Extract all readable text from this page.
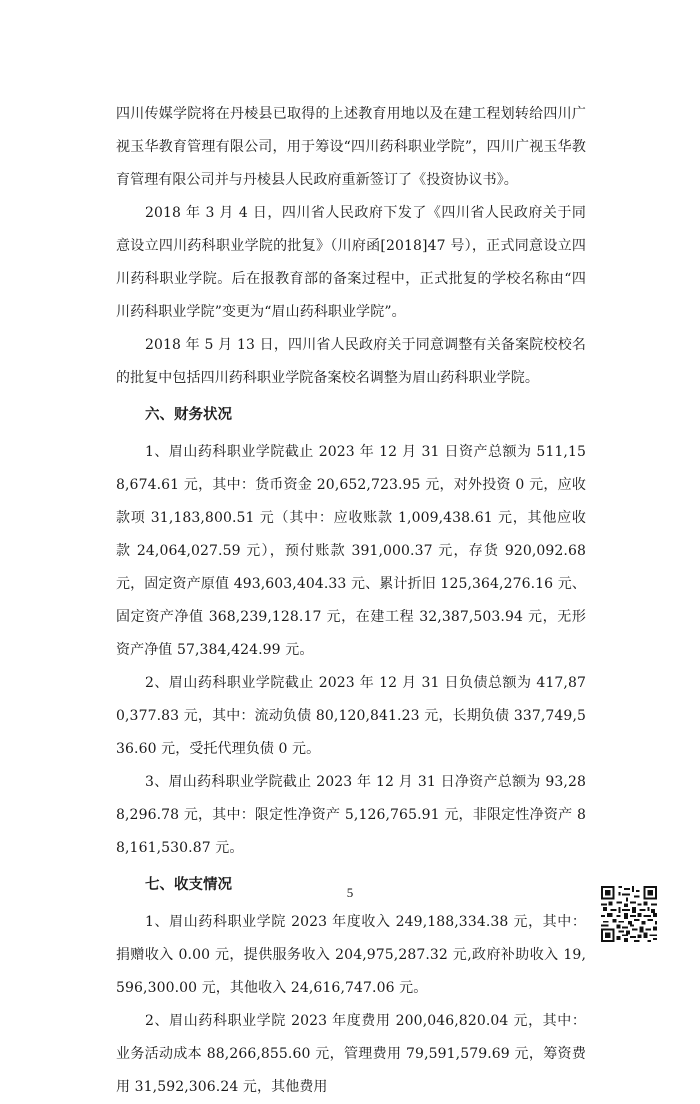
四川传媒学院将在丹棱县已取得的上述教育用地以及在建工程划转给四川广视玉华教育管理有限公司，用于筹设“四川药科职业学院”，四川广视玉华教育管理有限公司并与丹棱县人民政府重新签订了《投资协议书》。

2018 年 3 月 4 日，四川省人民政府下发了《四川省人民政府关于同意设立四川药科职业学院的批复》（川府函[2018]47 号），正式同意设立四川药科职业学院。后在报教育部的备案过程中，正式批复的学校名称由“四川药科职业学院”变更为“眉山药科职业学院”。

2018 年 5 月 13 日，四川省人民政府关于同意调整有关备案院校校名的批复中包括四川药科职业学院备案校名调整为眉山药科职业学院。

六、财务状况

1、眉山药科职业学院截止 2023 年 12 月 31 日资产总额为 511,158,674.61 元，其中：货币资金 20,652,723.95 元，对外投资 0 元，应收款项 31,183,800.51 元（其中：应收账款 1,009,438.61 元，其他应收款 24,064,027.59 元），预付账款 391,000.37 元，存货 920,092.68 元，固定资产原值 493,603,404.33 元、累计折旧 125,364,276.16 元、固定资产净值 368,239,128.17 元，在建工程 32,387,503.94 元，无形资产净值 57,384,424.99 元。

2、眉山药科职业学院截止 2023 年 12 月 31 日负债总额为 417,870,377.83 元，其中：流动负债 80,120,841.23 元，长期负债 337,749,536.60 元，受托代理负债 0 元。

3、眉山药科职业学院截止 2023 年 12 月 31 日净资产总额为 93,288,296.78 元，其中：限定性净资产 5,126,765.91 元，非限定性净资产 88,161,530.87 元。

七、收支情况

1、眉山药科职业学院 2023 年度收入 249,188,334.38 元，其中：捐赠收入 0.00 元，提供服务收入 204,975,287.32 元,政府补助收入 19,596,300.00 元，其他收入 24,616,747.06 元。

2、眉山药科职业学院 2023 年度费用 200,046,820.04 元，其中：业务活动成本 88,266,855.60 元，管理费用 79,591,579.69 元，筹资费用 31,592,306.24 元，其他费用

5
